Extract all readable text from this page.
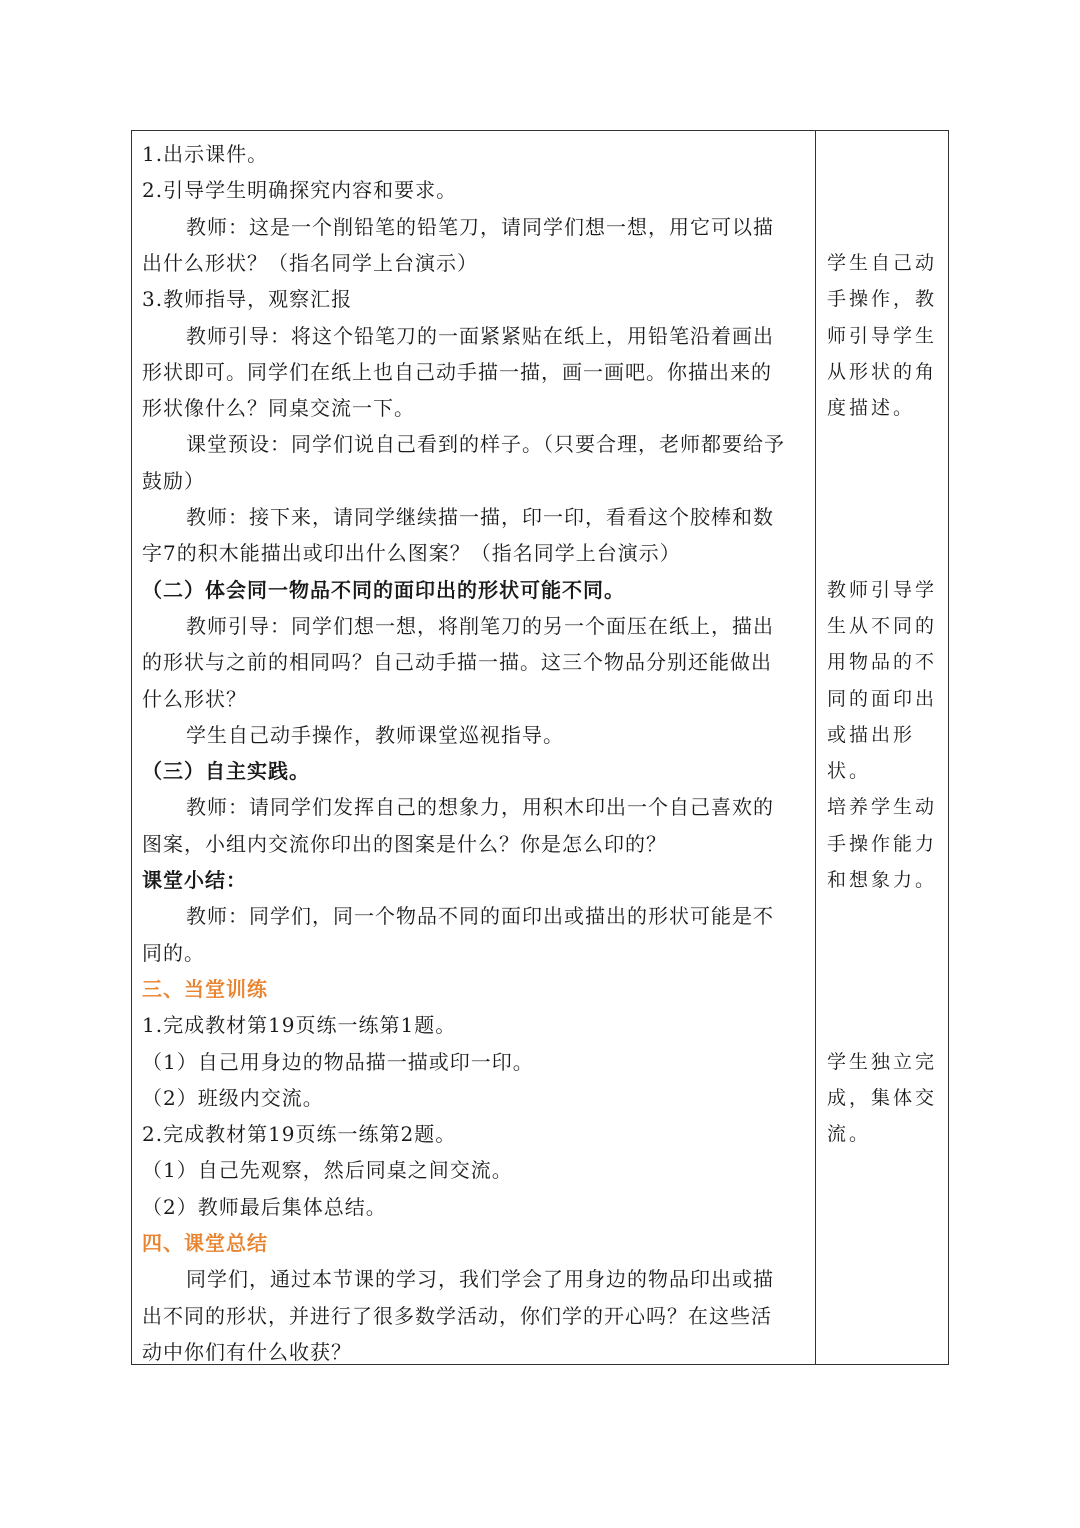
1.出示课件。
2.引导学生明确探究内容和要求。
教师：这是一个削铅笔的铅笔刀，请同学们想一想，用它可以描
出什么形状？（指名同学上台演示）
3.教师指导，观察汇报
教师引导：将这个铅笔刀的一面紧紧贴在纸上，用铅笔沿着画出
形状即可。同学们在纸上也自己动手描一描，画一画吧。你描出来的
形状像什么？同桌交流一下。
课堂预设：同学们说自己看到的样子。（只要合理，老师都要给予
鼓励）
教师：接下来，请同学继续描一描，印一印，看看这个胶棒和数
字7的积木能描出或印出什么图案？（指名同学上台演示）
（二）体会同一物品不同的面印出的形状可能不同。
教师引导：同学们想一想，将削笔刀的另一个面压在纸上，描出
的形状与之前的相同吗？自己动手描一描。这三个物品分别还能做出
什么形状？
学生自己动手操作，教师课堂巡视指导。
（三）自主实践。
教师：请同学们发挥自己的想象力，用积木印出一个自己喜欢的
图案，小组内交流你印出的图案是什么？你是怎么印的？
课堂小结：
教师：同学们，同一个物品不同的面印出或描出的形状可能是不
同的。
三、当堂训练
1.完成教材第19页练一练第1题。
（1）自己用身边的物品描一描或印一印。
（2）班级内交流。
2.完成教材第19页练一练第2题。
（1）自己先观察，然后同桌之间交流。
（2）教师最后集体总结。
四、课堂总结
同学们，通过本节课的学习，我们学会了用身边的物品印出或描
出不同的形状，并进行了很多数学活动，你们学的开心吗？在这些活
动中你们有什么收获？
学生自己动
手操作，教
师引导学生
从形状的角
度描述。
教师引导学
生从不同的
用物品的不
同的面印出
或描出形
状。
培养学生动
手操作能力
和想象力。
学生独立完
成，集体交
流。
